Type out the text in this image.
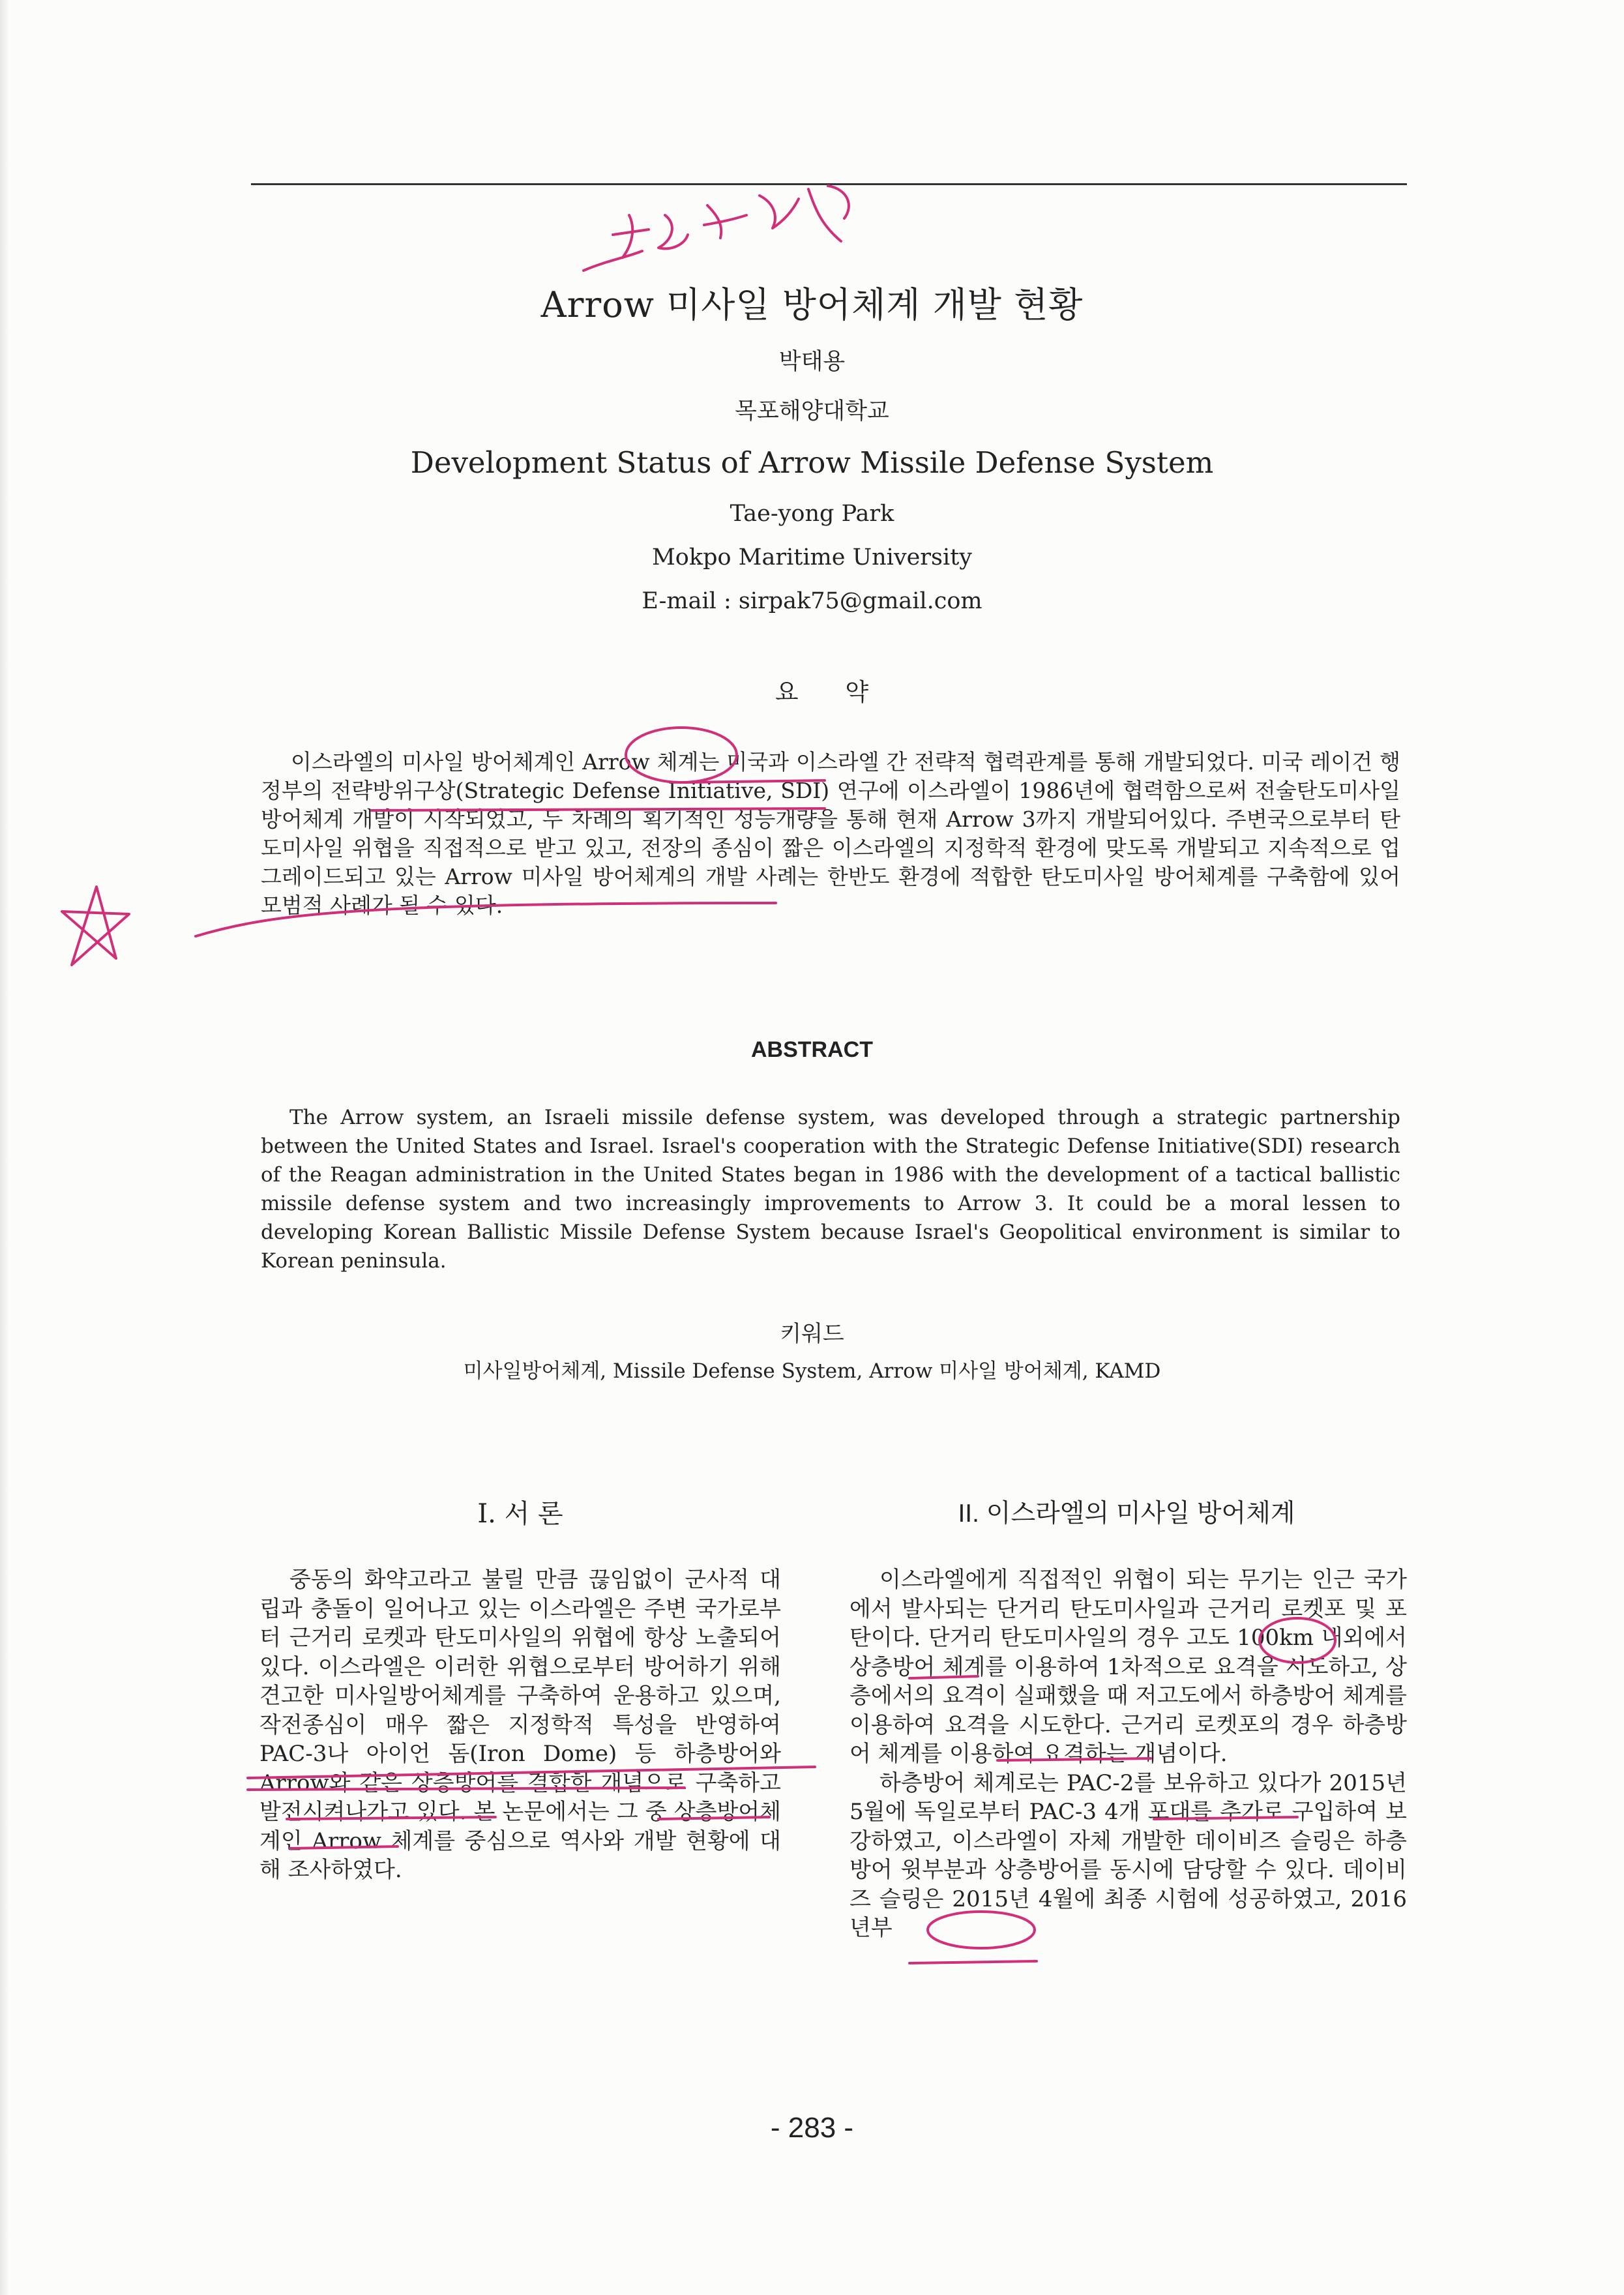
Arrow 미사일 방어체계 개발 현황
박태용
목포해양대학교
Development Status of Arrow Missile Defense System
Tae-yong Park
Mokpo Maritime University
E-mail : sirpak75@gmail.com
요 약
이스라엘의 미사일 방어체계인 Arrow 체계는 미국과 이스라엘 간 전략적 협력관계를 통해 개발되었다. 미국 레이건 행정부의 전략방위구상(Strategic Defense Initiative, SDI) 연구에 이스라엘이 1986년에 협력함으로써 전술탄도미사일 방어체계 개발이 시작되었고, 두 차례의 획기적인 성능개량을 통해 현재 Arrow 3까지 개발되어있다. 주변국으로부터 탄도미사일 위협을 직접적으로 받고 있고, 전장의 종심이 짧은 이스라엘의 지정학적 환경에 맞도록 개발되고 지속적으로 업그레이드되고 있는 Arrow 미사일 방어체계의 개발 사례는 한반도 환경에 적합한 탄도미사일 방어체계를 구축함에 있어 모범적 사례가 될 수 있다.
ABSTRACT
The Arrow system, an Israeli missile defense system, was developed through a strategic partnership between the United States and Israel. Israel's cooperation with the Strategic Defense Initiative(SDI) research of the Reagan administration in the United States began in 1986 with the development of a tactical ballistic missile defense system and two increasingly improvements to Arrow 3. It could be a moral lessen to developing Korean Ballistic Missile Defense System because Israel's Geopolitical environment is similar to Korean peninsula.
키워드
미사일방어체계, Missile Defense System, Arrow 미사일 방어체계, KAMD
I. 서 론	II. 이스라엘의 미사일 방어체계

중동의 화약고라고 불릴 만큼 끊임없이 군사적 대립과 충돌이 일어나고 있는 이스라엘은 주변 국가로부터 근거리 로켓과 탄도미사일의 위협에 항상 노출되어있다. 이스라엘은 이러한 위협으로부터 방어하기 위해 견고한 미사일방어체계를 구축하여 운용하고 있으며, 작전종심이 매우 짧은 지정학적 특성을 반영하여 PAC-3나 아이언 돔(Iron Dome) 등 하층방어와 Arrow와 같은 상층방어를 결합한 개념으로 구축하고 발전시켜나가고 있다. 본 논문에서는 그 중 상층방어체계인 Arrow 체계를 중심으로 역사와 개발 현황에 대해 조사하였다.

이스라엘에게 직접적인 위협이 되는 무기는 인근 국가에서 발사되는 단거리 탄도미사일과 근거리 로켓포 및 포탄이다. 단거리 탄도미사일의 경우 고도 100km 내외에서 상층방어 체계를 이용하여 1차적으로 요격을 시도하고, 상층에서의 요격이 실패했을 때 저고도에서 하층방어 체계를 이용하여 요격을 시도한다. 근거리 로켓포의 경우 하층방어 체계를 이용하여 요격하는 개념이다.

하층방어 체계로는 PAC-2를 보유하고 있다가 2015년 5월에 독일로부터 PAC-3 4개 포대를 추가로 구입하여 보강하였고, 이스라엘이 자체 개발한 데이비즈 슬링은 하층방어 윗부분과 상층방어를 동시에 담당할 수 있다. 데이비즈 슬링은 2015년 4월에 최종 시험에 성공하였고, 2016년부

- 283 -
